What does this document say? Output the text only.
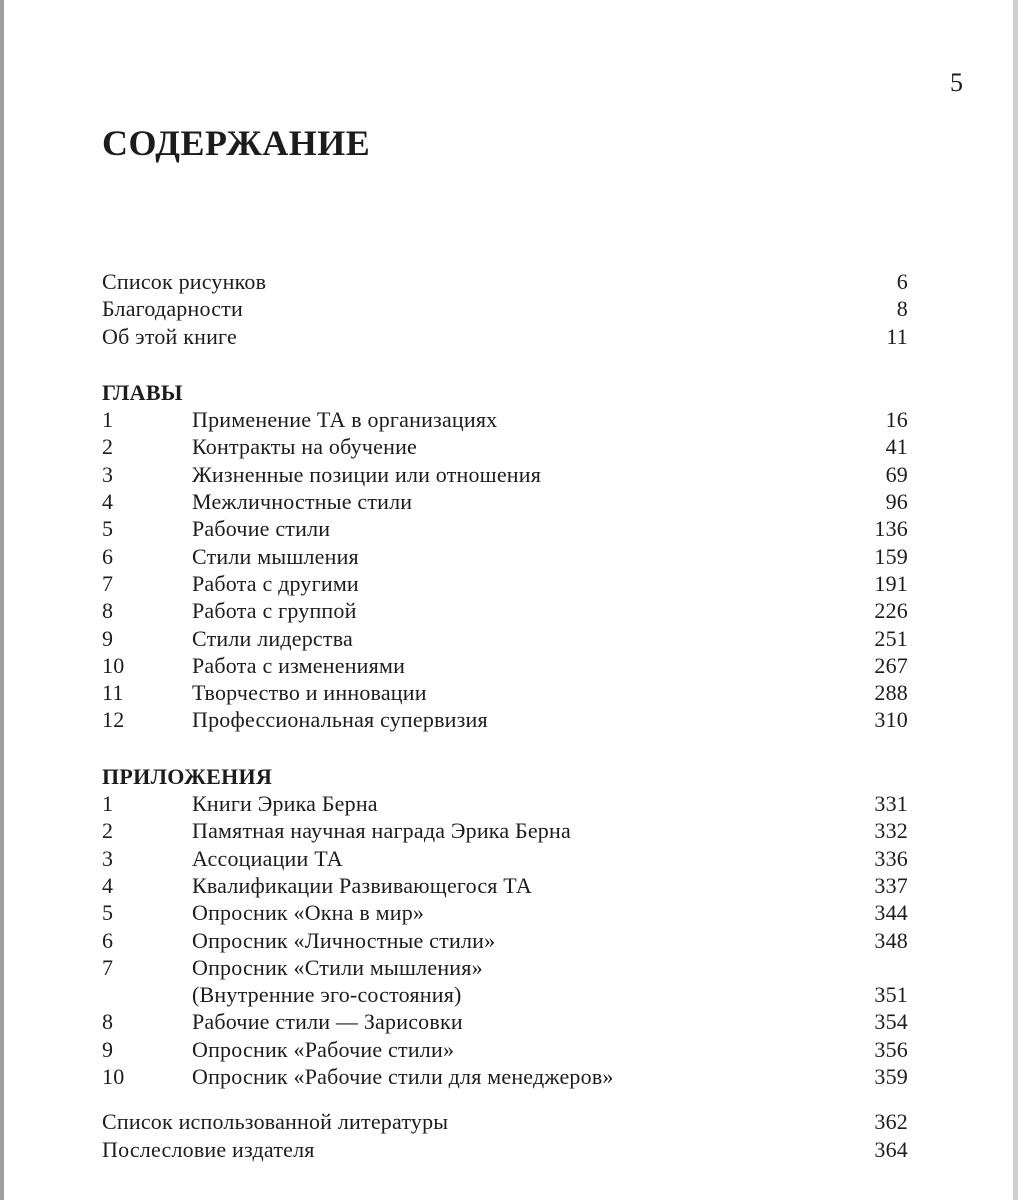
5
СОДЕРЖАНИЕ
Список рисунков	6
Благодарности	8
Об этой книге	11
ГЛАВЫ
1	Применение ТА в организациях	16
2	Контракты на обучение	41
3	Жизненные позиции или отношения	69
4	Межличностные стили	96
5	Рабочие стили	136
6	Стили мышления	159
7	Работа с другими	191
8	Работа с группой	226
9	Стили лидерства	251
10	Работа с изменениями	267
11	Творчество и инновации	288
12	Профессиональная супервизия	310
ПРИЛОЖЕНИЯ
1	Книги Эрика Берна	331
2	Памятная научная награда Эрика Берна	332
3	Ассоциации ТА	336
4	Квалификации Развивающегося ТА	337
5	Опросник «Окна в мир»	344
6	Опросник «Личностные стили»	348
7	Опросник «Стили мышления»
(Внутренние эго-состояния)	351
8	Рабочие стили — Зарисовки	354
9	Опросник «Рабочие стили»	356
10	Опросник «Рабочие стили для менеджеров»	359
Список использованной литературы	362
Послесловие издателя	364
